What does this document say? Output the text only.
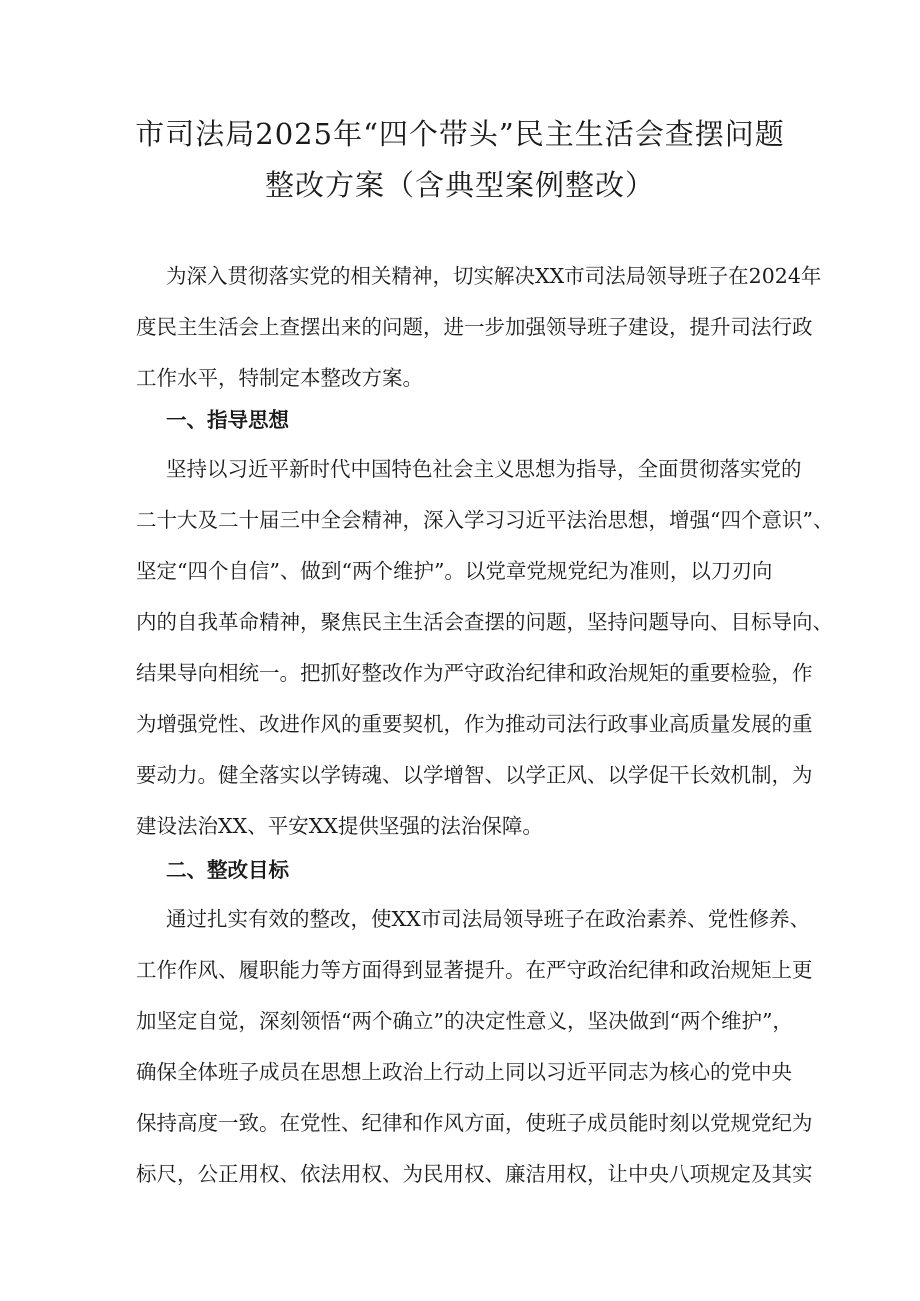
市司法局2025年“四个带头”民主生活会查摆问题
整改方案（含典型案例整改）
为深入贯彻落实党的相关精神，切实解决XX市司法局领导班子在2024年
度民主生活会上查摆出来的问题，进一步加强领导班子建设，提升司法行政
工作水平，特制定本整改方案。
一、指导思想
坚持以习近平新时代中国特色社会主义思想为指导，全面贯彻落实党的
二十大及二十届三中全会精神，深入学习习近平法治思想，增强“四个意识”、
坚定“四个自信”、做到“两个维护”。以党章党规党纪为准则，以刀刃向
内的自我革命精神，聚焦民主生活会查摆的问题，坚持问题导向、目标导向、
结果导向相统一。把抓好整改作为严守政治纪律和政治规矩的重要检验，作
为增强党性、改进作风的重要契机，作为推动司法行政事业高质量发展的重
要动力。健全落实以学铸魂、以学增智、以学正风、以学促干长效机制，为
建设法治XX、平安XX提供坚强的法治保障。
二、整改目标
通过扎实有效的整改，使XX市司法局领导班子在政治素养、党性修养、
工作作风、履职能力等方面得到显著提升。在严守政治纪律和政治规矩上更
加坚定自觉，深刻领悟“两个确立”的决定性意义，坚决做到“两个维护”，
确保全体班子成员在思想上政治上行动上同以习近平同志为核心的党中央
保持高度一致。在党性、纪律和作风方面，使班子成员能时刻以党规党纪为
标尺，公正用权、依法用权、为民用权、廉洁用权，让中央八项规定及其实
